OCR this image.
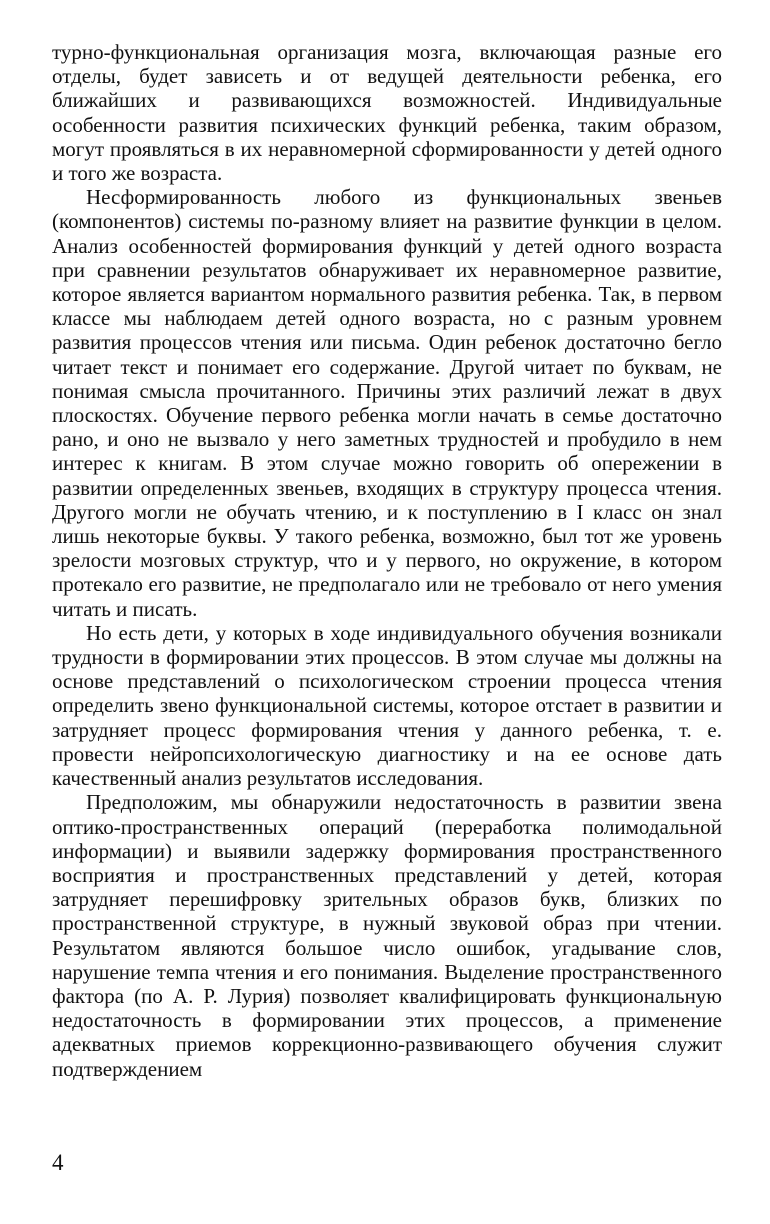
турно-функциональная организация мозга, включающая разные его отделы, будет зависеть и от ведущей деятельности ребенка, его ближайших и развивающихся возможностей. Индивидуальные особенности развития психических функций ребенка, таким образом, могут проявляться в их неравномерной сформированности у детей одного и того же возраста.

Несформированность любого из функциональных звеньев (компонентов) системы по-разному влияет на развитие функции в целом. Анализ особенностей формирования функций у детей одного возраста при сравнении результатов обнаруживает их неравномерное развитие, которое является вариантом нормального развития ребенка. Так, в первом классе мы наблюдаем детей одного возраста, но с разным уровнем развития процессов чтения или письма. Один ребенок достаточно бегло читает текст и понимает его содержание. Другой читает по буквам, не понимая смысла прочитанного. Причины этих различий лежат в двух плоскостях. Обучение первого ребенка могли начать в семье достаточно рано, и оно не вызвало у него заметных трудностей и пробудило в нем интерес к книгам. В этом случае можно говорить об опережении в развитии определенных звеньев, входящих в структуру процесса чтения. Другого могли не обучать чтению, и к поступлению в I класс он знал лишь некоторые буквы. У такого ребенка, возможно, был тот же уровень зрелости мозговых структур, что и у первого, но окружение, в котором протекало его развитие, не предполагало или не требовало от него умения читать и писать.

Но есть дети, у которых в ходе индивидуального обучения возникали трудности в формировании этих процессов. В этом случае мы должны на основе представлений о психологическом строении процесса чтения определить звено функциональной системы, которое отстает в развитии и затрудняет процесс формирования чтения у данного ребенка, т. е. провести нейропсихологическую диагностику и на ее основе дать качественный анализ результатов исследования.

Предположим, мы обнаружили недостаточность в развитии звена оптико-пространственных операций (переработка полимодальной информации) и выявили задержку формирования пространственного восприятия и пространственных представлений у детей, которая затрудняет перешифровку зрительных образов букв, близких по пространственной структуре, в нужный звуковой образ при чтении. Результатом являются большое число ошибок, угадывание слов, нарушение темпа чтения и его понимания. Выделение пространственного фактора (по А. Р. Лурия) позволяет квалифицировать функциональную недостаточность в формировании этих процессов, а применение адекватных приемов коррекционно-развивающего обучения служит подтверждением

4
